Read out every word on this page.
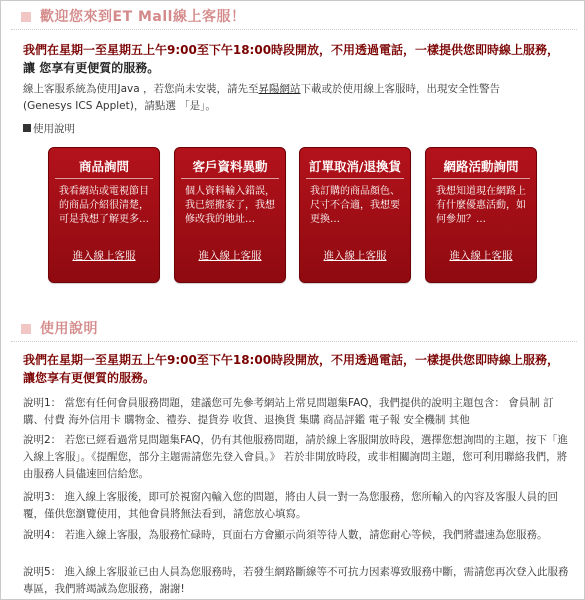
歡迎您來到ET Mall線上客服！
我們在星期一至星期五上午9:00至下午18:00時段開放，不用透過電話，一樣提供您即時線上服務，
讓 您享有更便質的服務。
線上客服系統為使用Java ，若您尚未安裝，請先至昇陽網站下載或於使用線上客服時，出現安全性警告
(Genesys ICS Applet)，請點選 「是」。
使用說明
商品詢問
我看網站或電視節目的商品介紹很清楚，可是我想了解更多…
進入線上客服
客戶資料異動
個人資料輸入錯誤，我已經搬家了，我想修改我的地址…
進入線上客服
訂單取消/退換貨
我訂購的商品顏色、尺寸不合適，我想要更換…
進入線上客服
網路活動詢問
我想知道現在網路上有什麼優惠活動，如何參加？…
進入線上客服
使用說明
我們在星期一至星期五上午9:00至下午18:00時段開放，不用透過電話，一樣提供您即時線上服務，
讓您享有更便質的服務。
說明1： 當您有任何會員服務問題，建議您可先參考網站上常見問題集FAQ，我們提供的說明主題包含： 會員制 訂購、付費 海外信用卡 購物金、禮券、提貨券 收貨、退換貨 集購 商品評鑑 電子報 安全機制 其他
說明2： 若您已經看過常見問題集FAQ，仍有其他服務問題，請於線上客服開放時段，選擇您想詢問的主題，按下「進入線上客服」。《提醒您，部分主題需請您先登入會員。》 若於非開放時段，或非相關詢問主題，您可利用聯絡我們，將由服務人員儘速回信給您。
說明3： 進入線上客服後，即可於視窗內輸入您的問題，將由人員一對一為您服務，您所輸入的內容及客服人員的回覆，僅供您瀏覽使用，其他會員將無法看到，請您放心填寫。
說明4： 若進入線上客服，為服務忙碌時，頁面右方會顯示尚須等待人數，請您耐心等候，我們將盡速為您服務。
說明5： 進入線上客服並已由人員為您服務時，若發生網路斷線等不可抗力因素導致服務中斷，需請您再次登入此服務專區，我們將竭誠為您服務，謝謝!
